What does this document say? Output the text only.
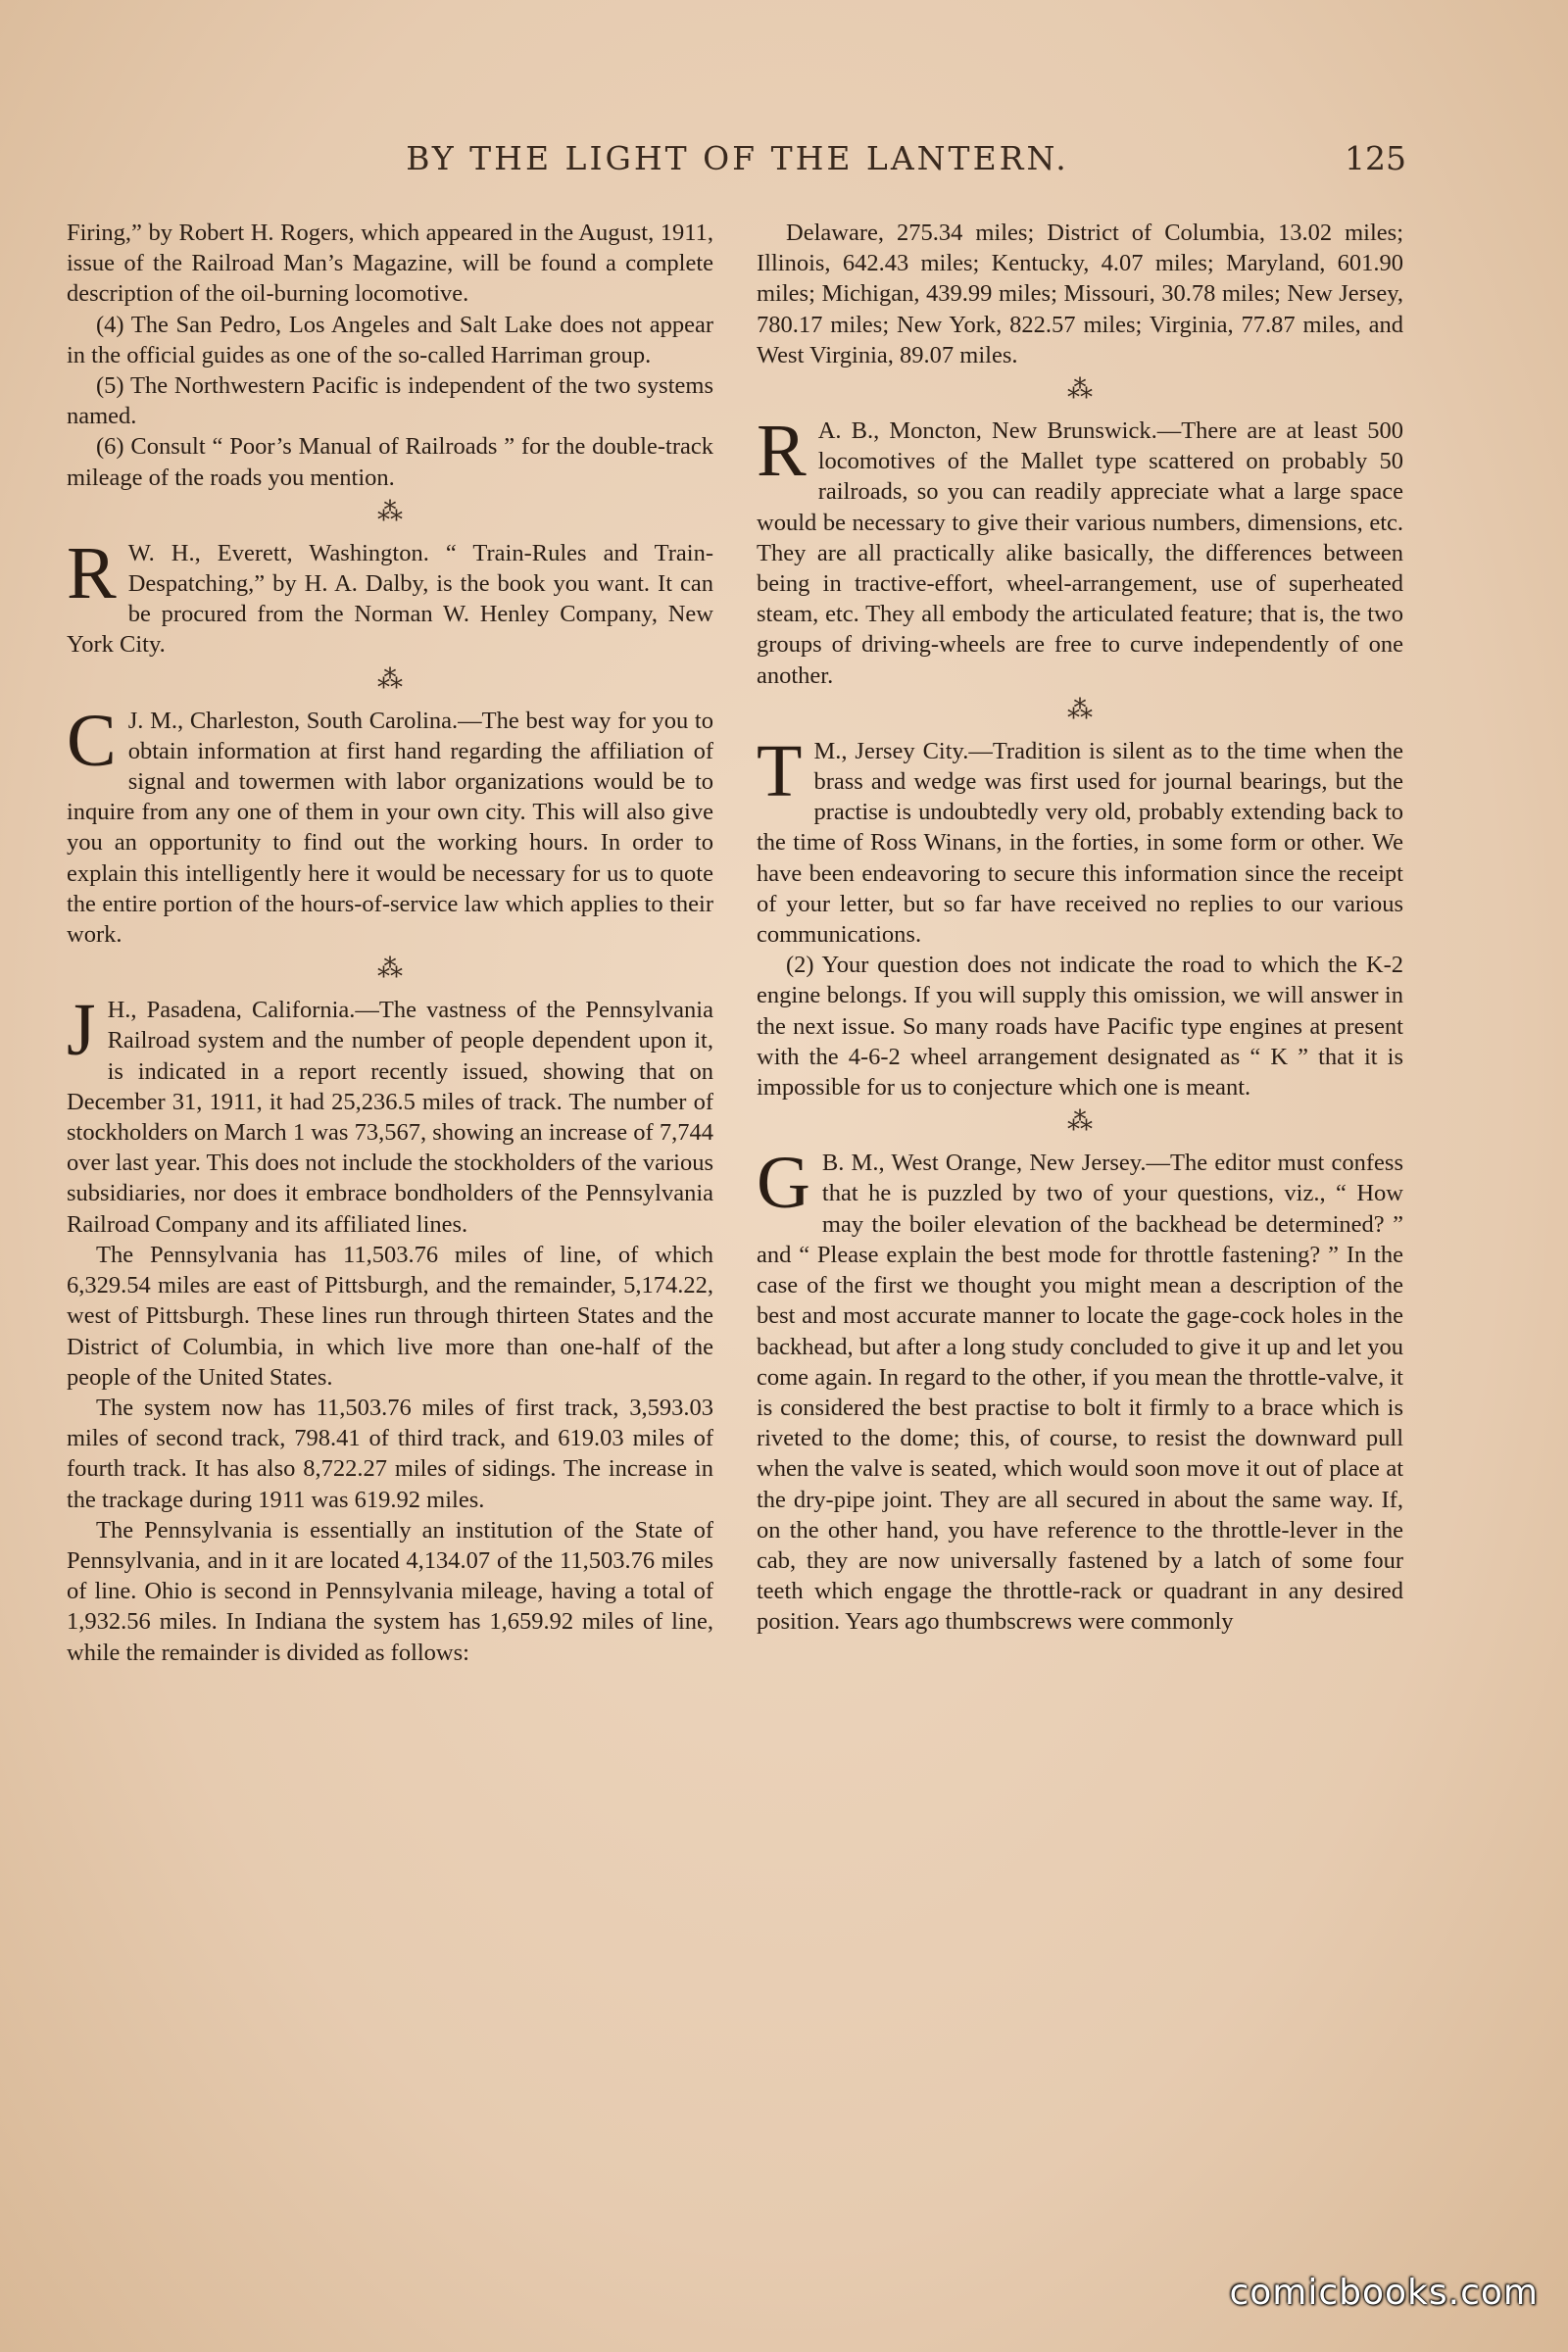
BY THE LIGHT OF THE LANTERN.	125

Firing,” by Robert H. Rogers, which appeared in the August, 1911, issue of the Railroad Man’s Magazine, will be found a complete description of the oil-burning locomotive.

(4) The San Pedro, Los Angeles and Salt Lake does not appear in the official guides as one of the so-called Harriman group.

(5) The Northwestern Pacific is independent of the two systems named.

(6) Consult “ Poor’s Manual of Railroads ” for the double-track mileage of the roads you mention.

⁂

R W. H., Everett, Washington. “ Train-Rules and Train-Despatching,” by H. A. Dalby, is the book you want. It can be procured from the Norman W. Henley Company, New York City.

⁂

C J. M., Charleston, South Carolina.—The best way for you to obtain information at first hand regarding the affiliation of signal and towermen with labor organizations would be to inquire from any one of them in your own city. This will also give you an opportunity to find out the working hours. In order to explain this intelligently here it would be necessary for us to quote the entire portion of the hours-of-service law which applies to their work.

⁂

J H., Pasadena, California.—The vastness of the Pennsylvania Railroad system and the number of people dependent upon it, is indicated in a report recently issued, showing that on December 31, 1911, it had 25,236.5 miles of track. The number of stockholders on March 1 was 73,567, showing an increase of 7,744 over last year. This does not include the stockholders of the various subsidiaries, nor does it embrace bondholders of the Pennsylvania Railroad Company and its affiliated lines.

The Pennsylvania has 11,503.76 miles of line, of which 6,329.54 miles are east of Pittsburgh, and the remainder, 5,174.22, west of Pittsburgh. These lines run through thirteen States and the District of Columbia, in which live more than one-half of the people of the United States.

The system now has 11,503.76 miles of first track, 3,593.03 miles of second track, 798.41 of third track, and 619.03 miles of fourth track. It has also 8,722.27 miles of sidings. The increase in the trackage during 1911 was 619.92 miles.

The Pennsylvania is essentially an institution of the State of Pennsylvania, and in it are located 4,134.07 of the 11,503.76 miles of line. Ohio is second in Pennsylvania mileage, having a total of 1,932.56 miles. In Indiana the system has 1,659.92 miles of line, while the remainder is divided as follows:

Delaware, 275.34 miles; District of Columbia, 13.02 miles; Illinois, 642.43 miles; Kentucky, 4.07 miles; Maryland, 601.90 miles; Michigan, 439.99 miles; Missouri, 30.78 miles; New Jersey, 780.17 miles; New York, 822.57 miles; Virginia, 77.87 miles, and West Virginia, 89.07 miles.

⁂

R A. B., Moncton, New Brunswick.—There are at least 500 locomotives of the Mallet type scattered on probably 50 railroads, so you can readily appreciate what a large space would be necessary to give their various numbers, dimensions, etc. They are all practically alike basically, the differences between being in tractive-effort, wheel-arrangement, use of superheated steam, etc. They all embody the articulated feature; that is, the two groups of driving-wheels are free to curve independently of one another.

⁂

T M., Jersey City.—Tradition is silent as to the time when the brass and wedge was first used for journal bearings, but the practise is undoubtedly very old, probably extending back to the time of Ross Winans, in the forties, in some form or other. We have been endeavoring to secure this information since the receipt of your letter, but so far have received no replies to our various communications.

(2) Your question does not indicate the road to which the K-2 engine belongs. If you will supply this omission, we will answer in the next issue. So many roads have Pacific type engines at present with the 4-6-2 wheel arrangement designated as “ K ” that it is impossible for us to conjecture which one is meant.

⁂

G B. M., West Orange, New Jersey.—The editor must confess that he is puzzled by two of your questions, viz., “ How may the boiler elevation of the backhead be determined? ” and “ Please explain the best mode for throttle fastening? ” In the case of the first we thought you might mean a description of the best and most accurate manner to locate the gage-cock holes in the backhead, but after a long study concluded to give it up and let you come again. In regard to the other, if you mean the throttle-valve, it is considered the best practise to bolt it firmly to a brace which is riveted to the dome; this, of course, to resist the downward pull when the valve is seated, which would soon move it out of place at the dry-pipe joint. They are all secured in about the same way. If, on the other hand, you have reference to the throttle-lever in the cab, they are now universally fastened by a latch of some four teeth which engage the throttle-rack or quadrant in any desired position. Years ago thumbscrews were commonly

comicbooks.com
